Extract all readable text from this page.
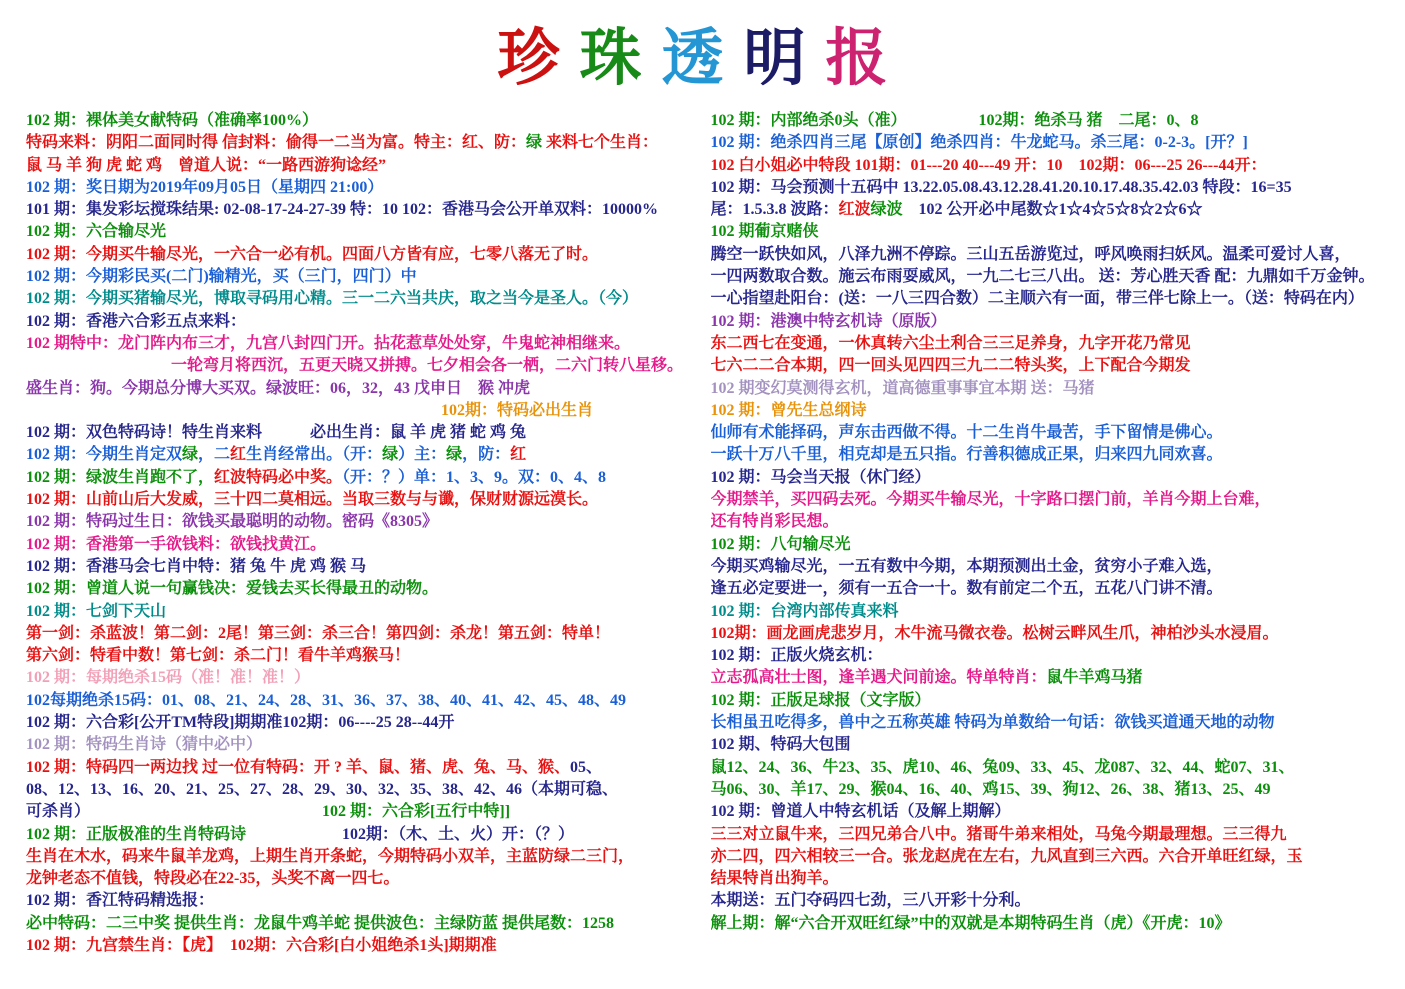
珍珠透明报
102 期：裸体美女献特码（准确率100%）
特码来料：阴阳二面同时得 信封料：偷得一二当为富。特主：红、防：绿 来料七个生肖：
鼠 马 羊 狗 虎 蛇 鸡　曾道人说：“一路西游狗谂经”
102 期：奖日期为2019年09月05日（星期四 21:00）
101 期：集发彩坛搅珠结果: 02-08-17-24-27-39 特：10 102：香港马会公开单双料：10000%
102 期：六合输尽光
102 期：今期买牛输尽光，一六合一必有机。四面八方皆有应，七零八落无了时。
102 期：今期彩民买(二门)输精光，买（三门，四门）中
102 期：今期买猪输尽光，博取寻码用心精。三一二六当共庆，取之当今是圣人。（今）
102 期：香港六合彩五点来料：
102 期特中：龙门阵内布三才，九宫八封四门开。拈花惹草处处穿，牛鬼蛇神相继来。
一轮弯月将西沉，五更天晓又拼搏。七夕相会各一栖，二六门转八星移。
盛生肖：狗。今期总分博大买双。绿波旺：06，32，43 戊申日　猴 冲虎
102期：特码必出生肖
102 期：双色特码诗！特生肖来料　　　必出生肖：鼠 羊 虎 猪 蛇 鸡 兔
102 期：今期生肖定双绿，二红生肖经常出。（开：绿）主：绿，防：红
102 期：绿波生肖跑不了，红波特码必中奖。（开：？）单：1、3、9。双：0、4、8
102 期：山前山后大发威，三十四二莫相远。当取三数与与谶，保财财源远漠长。
102 期：特码过生日：欲钱买最聪明的动物。密码《8305》
102 期：香港第一手欲钱料：欲钱找黄江。
102 期：香港马会七肖中特：猪 兔 牛 虎 鸡 猴 马
102 期：曾道人说一句赢钱决：爱钱去买长得最丑的动物。
102 期：七剑下天山
第一剑：杀蓝波！第二剑：2尾！第三剑：杀三合！第四剑：杀龙！第五剑：特单！
第六剑：特看中数！第七剑：杀二门！看牛羊鸡猴马！
102 期：每期绝杀15码（准！准！准！）
102每期绝杀15码：01、08、21、24、28、31、36、37、38、40、41、42、45、48、49
102 期：六合彩[公开TM特段]期期准102期：06----25 28--44开
102 期：特码生肖诗（猜中必中）
102 期：特码四一两边找 过一位有特码：开 ? 羊、鼠、猪、虎、兔、马、猴、05、
08、12、13、16、20、21、25、27、28、29、30、32、35、38、42、46（本期可稳、
可杀肖）　　　　　　　　　　　　　　　	102 期：六合彩[五行中特]]
102 期：正版极准的生肖特码诗　　　　　　	102期：（木、土、火）开：（？）
生肖在木水，码来牛鼠羊龙鸡，上期生肖开条蛇，今期特码小双羊，主蓝防绿二三门，
龙钟老态不值钱，特段必在22-35，头奖不离一四七。
102 期：香江特码精选报：
必中特码：二三中奖 提供生肖：龙鼠牛鸡羊蛇 提供波色：主绿防蓝 提供尾数：1258
102 期：九宫禁生肖：【虎】　102期：六合彩[白小姐绝杀1头]期期准
102 期：内部绝杀0头（准）　　　　　	102期：绝杀马 猪　二尾：0、8
102 期：绝杀四肖三尾【原创】绝杀四肖：牛龙蛇马。杀三尾：0-2-3。[开？]
102 白小姐必中特段 101期：01---20 40---49 开：10　102期：06---25 26---44开：
102 期：马会预测十五码中 13.22.05.08.43.12.28.41.20.10.17.48.35.42.03 特段：16=35
尾：1.5.3.8 波路：红波绿波　102 公开必中尾数☆1☆4☆5☆8☆2☆6☆
102 期葡京赌侠
腾空一跃快如风，八泽九洲不停踪。三山五岳游览过，呼风唤雨扫妖风。温柔可爱讨人喜，
一四两数取合数。施云布雨耍威风，一九二七三八出。 送：芳心胜天香 配：九鼎如千万金钟。
一心指望赴阳台：(送：一八三四合数）二主顺六有一面，带三伴七除上一。（送：特码在内）
102 期：港澳中特玄机诗（原版）
东二西七在变通，一休真转六尘土利合三三足养身，九字开花乃常见
七六二二合本期，四一回头见四四三九二二特头奖，上下配合今期发
102 期变幻莫测得玄机，道高德重事事宜本期 送：马猪
102 期：曾先生总纲诗
仙师有术能择码，声东击西做不得。十二生肖牛最苦，手下留情是佛心。
一跃十万八千里，相克却是五只指。行善积德成正果，归来四九同欢喜。
102 期：马会当天报（休门经）
今期禁羊，买四码去死。今期买牛输尽光，十字路口摆门前，羊肖今期上台难，
还有特肖彩民想。
102 期：八句输尽光
今期买鸡输尽光，一五有数中今期，本期预测出土金，贫穷小子难入选，
逢五必定要进一，须有一五合一十。数有前定二个五，五花八门讲不清。
102 期：台湾内部传真来料
102期：画龙画虎悲岁月，木牛流马微衣卷。松树云畔风生爪，神柏沙头水浸眉。
102 期：正版火烧玄机：
立志孤高壮士图，逢羊遇犬问前途。特单特肖：鼠牛羊鸡马猪
102 期：正版足球报（文字版）
长相虽丑吃得多，兽中之五称英雄 特码为单数给一句话：欲钱买道通天地的动物
102 期、特码大包围
鼠12、24、36、牛23、35、虎10、46、兔09、33、45、龙087、32、44、蛇07、31、
马06、30、羊17、29、猴04、16、40、鸡15、39、狗12、26、38、猪13、25、49
102 期：曾道人中特玄机话（及解上期解）
三三对立鼠牛来，三四兄弟合八中。猪哥牛弟来相处，马兔今期最理想。三三得九
亦二四，四六相较三一合。张龙赵虎在左右，九风直到三六西。六合开单旺红绿，玉
结果特肖出狗羊。
本期送：五门夺码四七劲，三八开彩十分利。
解上期：解“六合开双旺红绿”中的双就是本期特码生肖（虎）《开虎：10》
